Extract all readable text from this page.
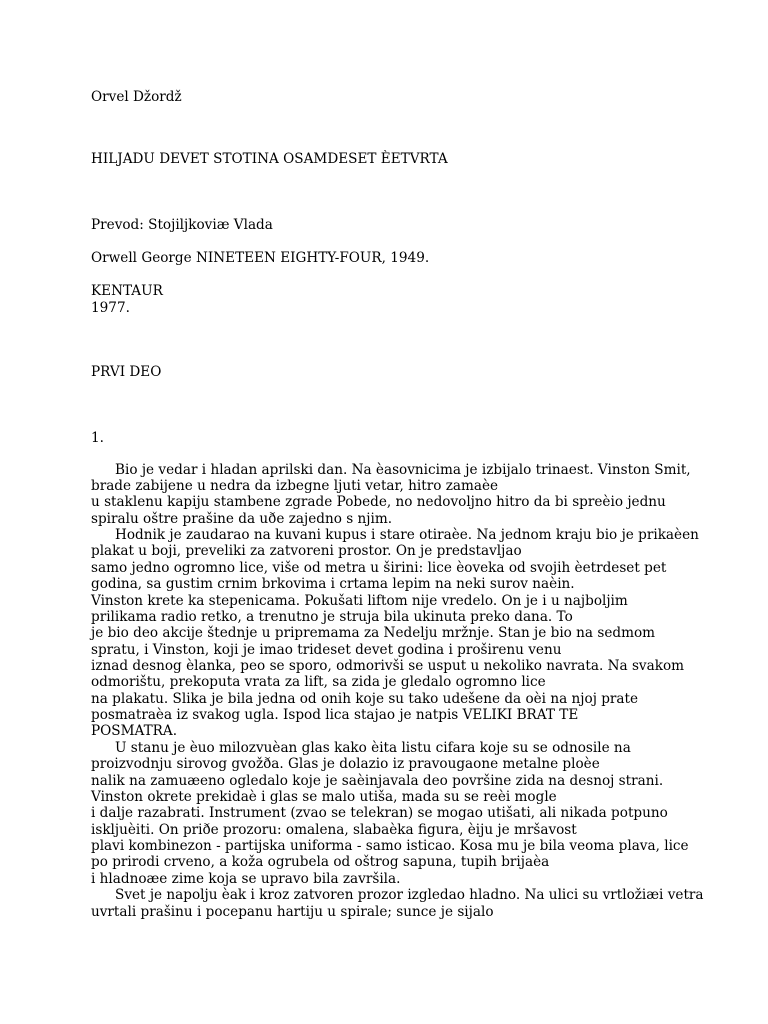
Orvel Džordž
HILJADU DEVET STOTINA OSAMDESET ÈETVRTA
Prevod: Stojiljkoviæ Vlada
Orwell George NINETEEN EIGHTY-FOUR, 1949.
KENTAUR
1977.
PRVI DEO
1.
Bio je vedar i hladan aprilski dan. Na èasovnicima je izbijalo trinaest. Vinston Smit,
brade zabijene u nedra da izbegne ljuti vetar, hitro zamaèe
u staklenu kapiju stambene zgrade Pobede, no nedovoljno hitro da bi spreèio jednu
spiralu oštre prašine da uðe zajedno s njim.
Hodnik je zaudarao na kuvani kupus i stare otiraèe. Na jednom kraju bio je prikaèen
plakat u boji, preveliki za zatvoreni prostor. On je predstavljao
samo jedno ogromno lice, više od metra u širini: lice èoveka od svojih èetrdeset pet
godina, sa gustim crnim brkovima i crtama lepim na neki surov naèin.
Vinston krete ka stepenicama. Pokušati liftom nije vredelo. On je i u najboljim
prilikama radio retko, a trenutno je struja bila ukinuta preko dana. To
je bio deo akcije štednje u pripremama za Nedelju mržnje. Stan je bio na sedmom
spratu, i Vinston, koji je imao trideset devet godina i proširenu venu
iznad desnog èlanka, peo se sporo, odmorivši se usput u nekoliko navrata. Na svakom
odmorištu, prekoputa vrata za lift, sa zida je gledalo ogromno lice
na plakatu. Slika je bila jedna od onih koje su tako udešene da oèi na njoj prate
posmatraèa iz svakog ugla. Ispod lica stajao je natpis VELIKI BRAT TE
POSMATRA.
U stanu je èuo milozvuèan glas kako èita listu cifara koje su se odnosile na
proizvodnju sirovog gvožða. Glas je dolazio iz pravougaone metalne ploèe
nalik na zamuæeno ogledalo koje je saèinjavala deo površine zida na desnoj strani.
Vinston okrete prekidaè i glas se malo utiša, mada su se reèi mogle
i dalje razabrati. Instrument (zvao se telekran) se mogao utišati, ali nikada potpuno
iskljuèiti. On priðe prozoru: omalena, slabaèka figura, èiju je mršavost
plavi kombinezon - partijska uniforma - samo isticao. Kosa mu je bila veoma plava, lice
po prirodi crveno, a koža ogrubela od oštrog sapuna, tupih brijaèa
i hladnoæe zime koja se upravo bila završila.
Svet je napolju èak i kroz zatvoren prozor izgledao hladno. Na ulici su vrtložiæi vetra
uvrtali prašinu i pocepanu hartiju u spirale; sunce je sijalo
